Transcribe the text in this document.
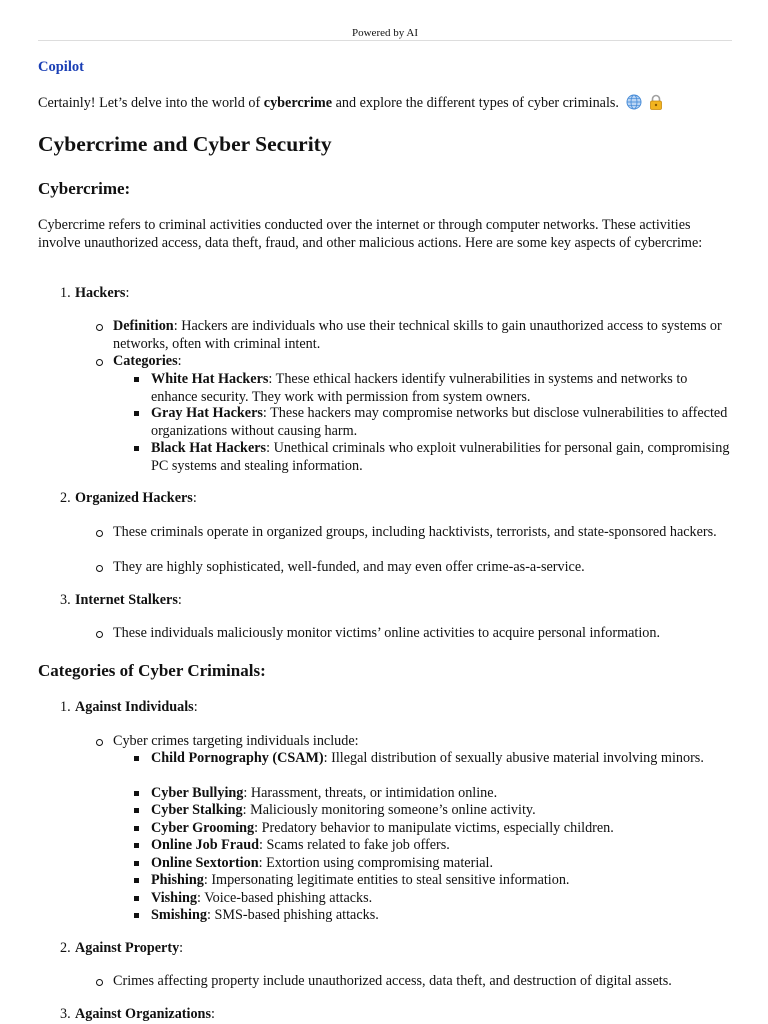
Powered by AI
Copilot

Certainly! Let’s delve into the world of cybercrime and explore the different types of cyber criminals.

Cybercrime and Cyber Security
Cybercrime:

Cybercrime refers to criminal activities conducted over the internet or through computer networks. These activities involve unauthorized access, data theft, fraud, and other malicious actions. Here are some key aspects of cybercrime:

1. Hackers:
Definition: Hackers are individuals who use their technical skills to gain unauthorized access to systems or networks, often with criminal intent.
Categories:
White Hat Hackers: These ethical hackers identify vulnerabilities in systems and networks to enhance security. They work with permission from system owners.
Gray Hat Hackers: These hackers may compromise networks but disclose vulnerabilities to affected organizations without causing harm.
Black Hat Hackers: Unethical criminals who exploit vulnerabilities for personal gain, compromising PC systems and stealing information.
2. Organized Hackers:
These criminals operate in organized groups, including hacktivists, terrorists, and state-sponsored hackers.
They are highly sophisticated, well-funded, and may even offer crime-as-a-service.
3. Internet Stalkers:
These individuals maliciously monitor victims’ online activities to acquire personal information.
Categories of Cyber Criminals:
1. Against Individuals:
Cyber crimes targeting individuals include:
Child Pornography (CSAM): Illegal distribution of sexually abusive material involving minors.
Cyber Bullying: Harassment, threats, or intimidation online.
Cyber Stalking: Maliciously monitoring someone’s online activity.
Cyber Grooming: Predatory behavior to manipulate victims, especially children.
Online Job Fraud: Scams related to fake job offers.
Online Sextortion: Extortion using compromising material.
Phishing: Impersonating legitimate entities to steal sensitive information.
Vishing: Voice-based phishing attacks.
Smishing: SMS-based phishing attacks.
2. Against Property:
Crimes affecting property include unauthorized access, data theft, and destruction of digital assets.
3. Against Organizations:
